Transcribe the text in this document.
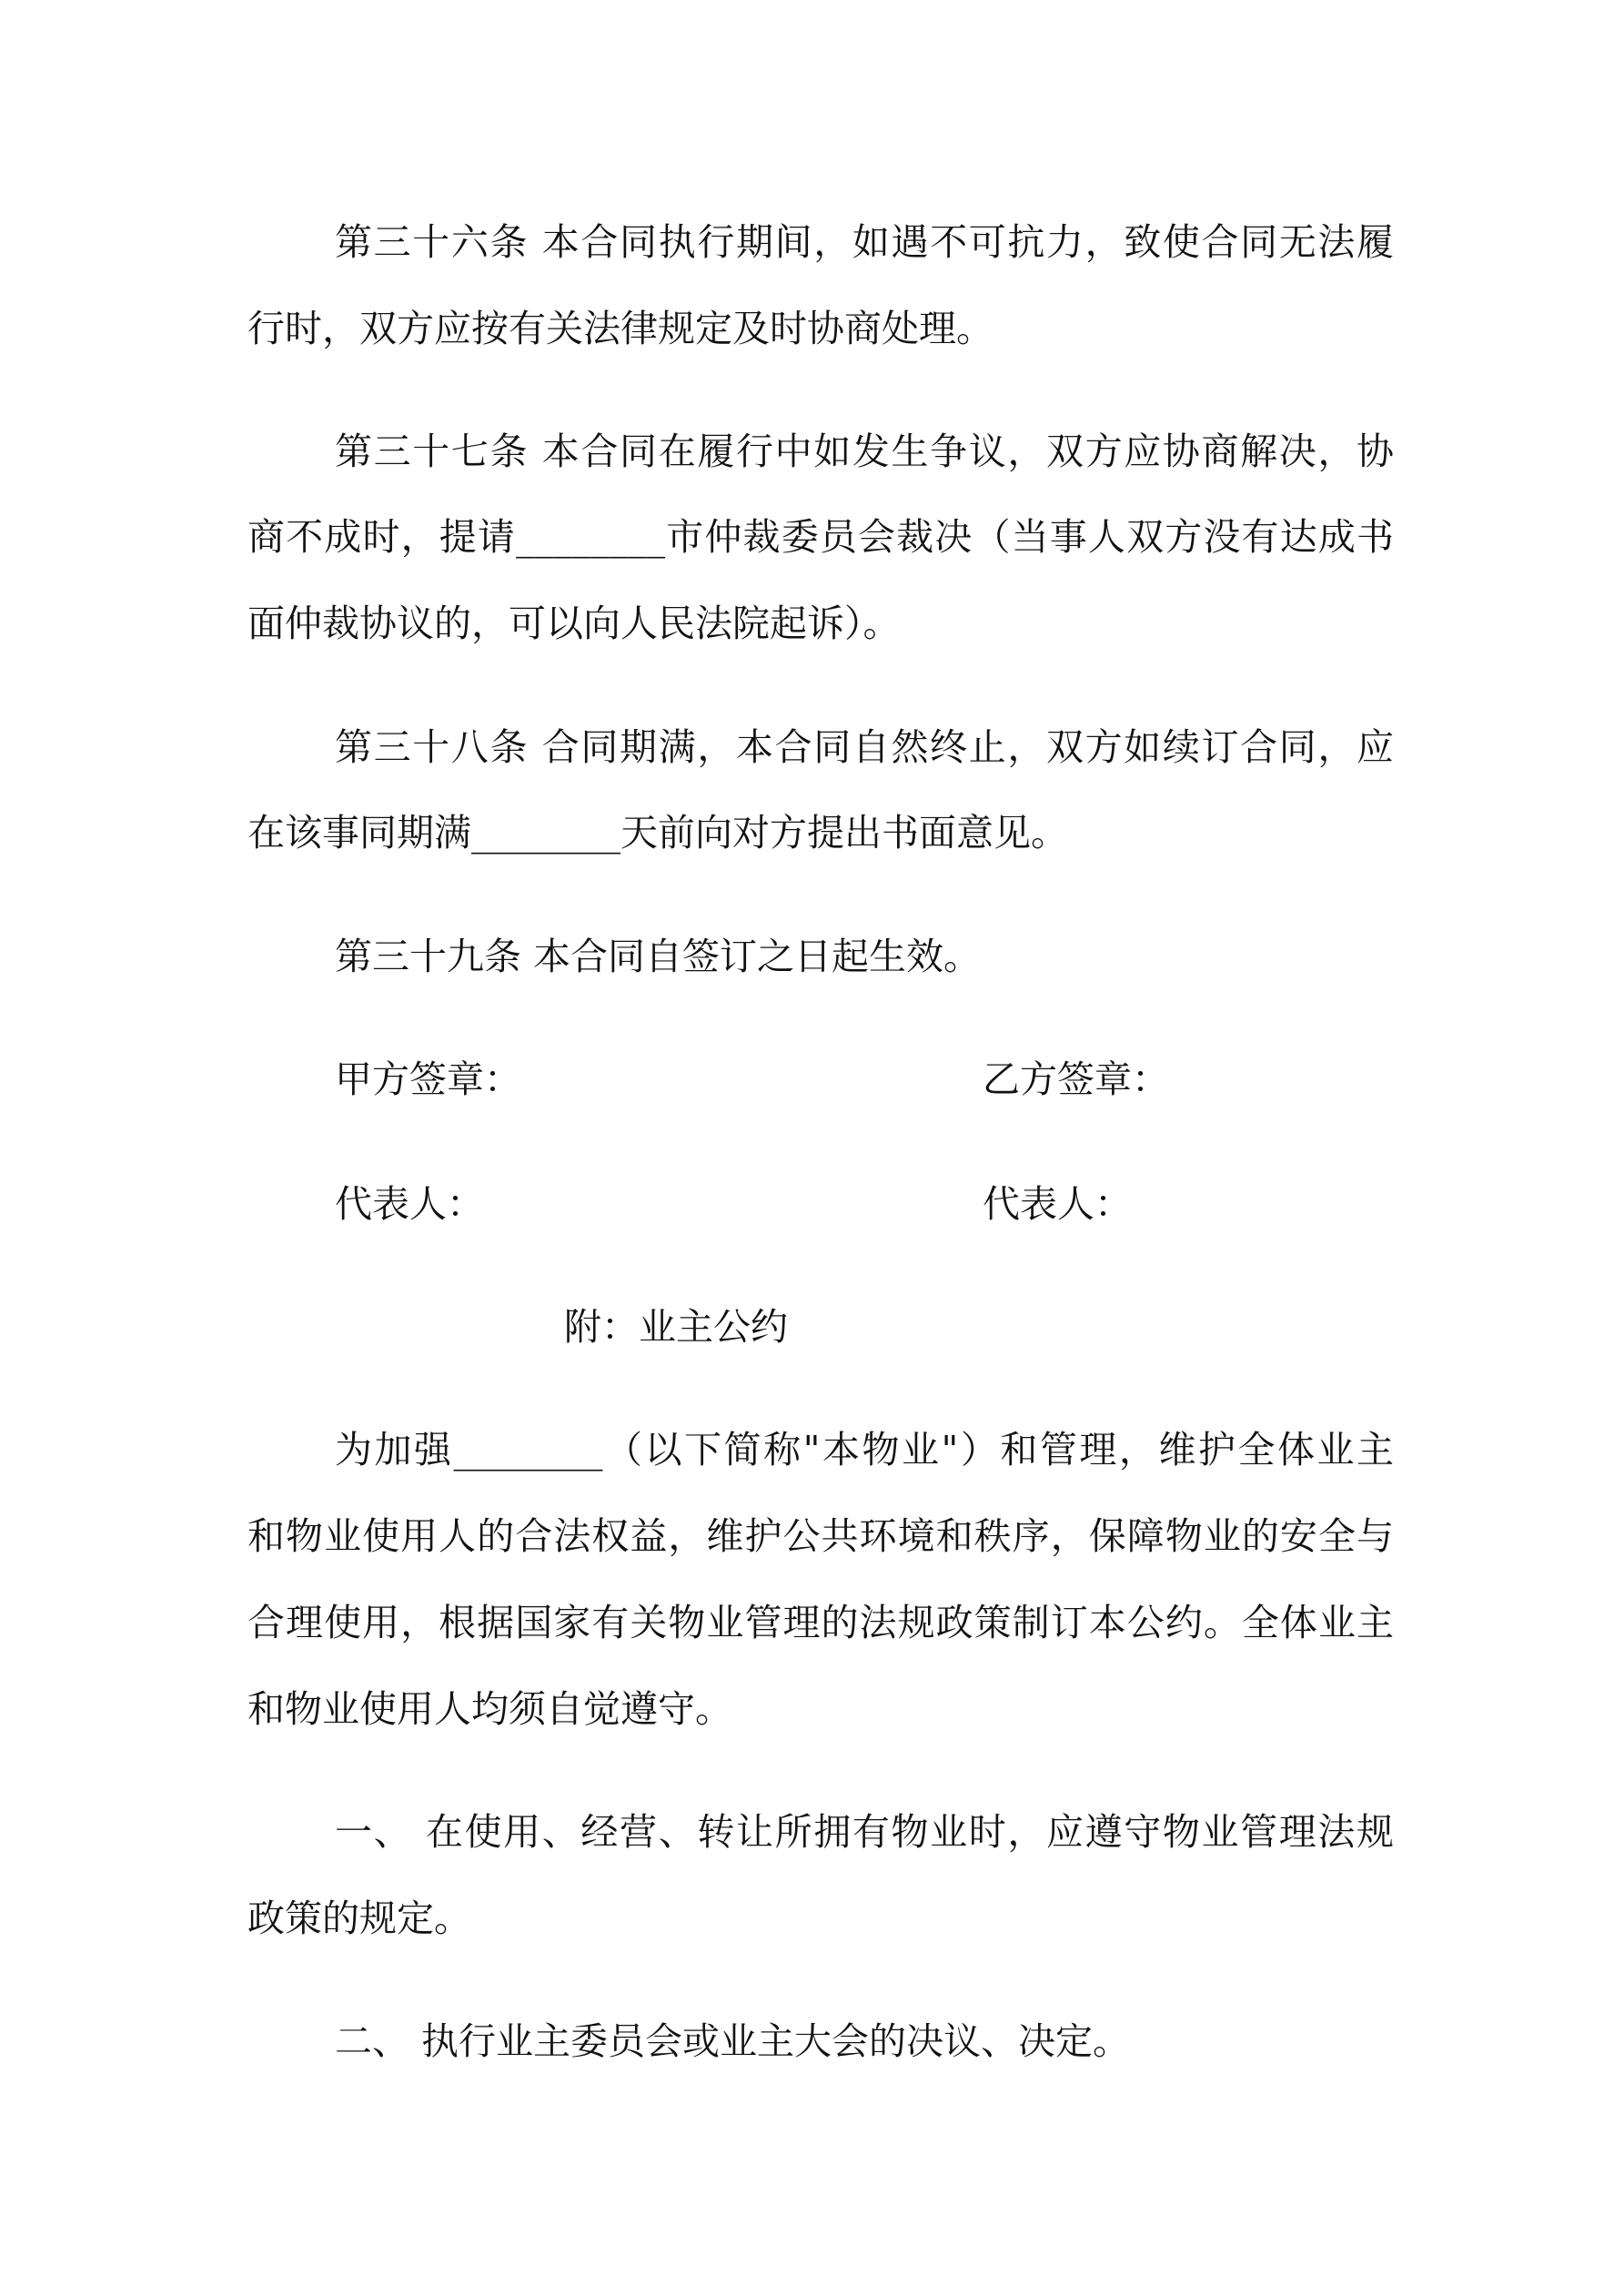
第三十六条 本合同执行期间，如遇不可抗力，致使合同无法履
行时，双方应按有关法律规定及时协商处理。
第三十七条 本合同在履行中如发生争议，双方应协商解决，协
商不成时，提请________市仲裁委员会裁决（当事人双方没有达成书
面仲裁协议的，可以向人民法院起诉）。
第三十八条 合同期满，本合同自然终止，双方如续订合同，应
在该事同期满________天前向对方提出书面意见。
第三十九条 本合同自签订之日起生效。
甲方签章：	乙方签章：
代表人：	代表人：
附：业主公约
为加强________（以下简称"本物业"）和管理，维护全体业主
和物业使用人的合法权益，维护公共环境和秩序，保障物业的安全与
合理使用，根据国家有关物业管理的法规政策制订本公约。全体业主
和物业使用人均须自觉遵守。
一、 在使用、经营、转让所拥有物业时，应遵守物业管理法规
政策的规定。
二、 执行业主委员会或业主大会的决议、决定。
